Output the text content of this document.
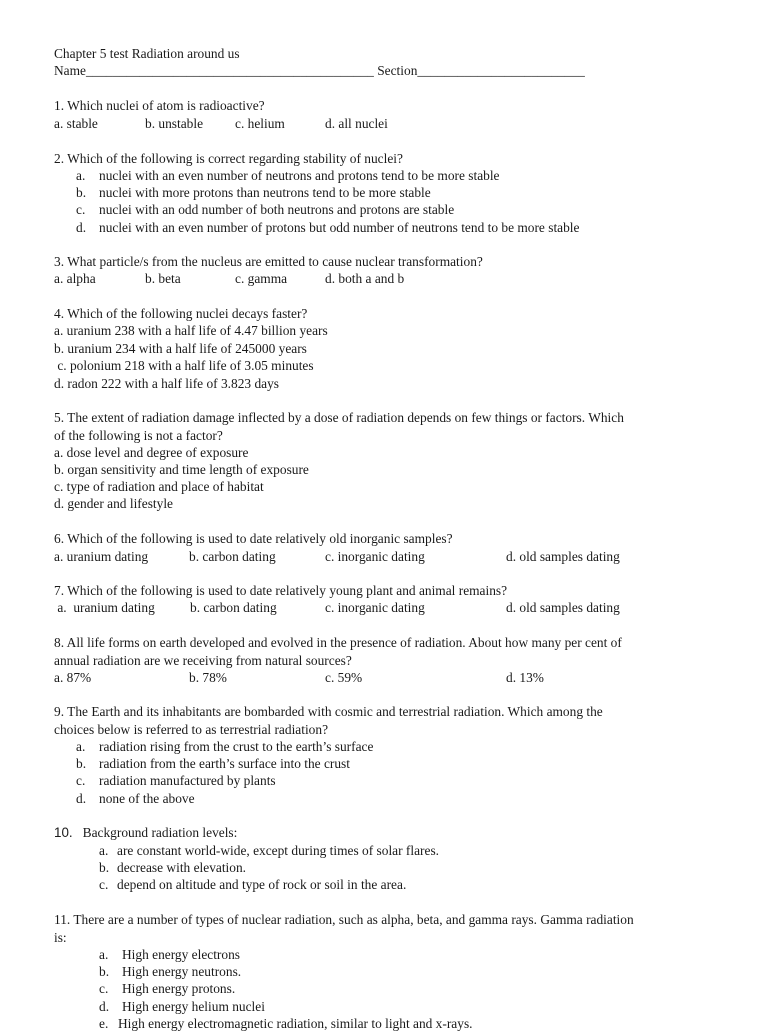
Chapter 5 test Radiation around us
Name___________________________________________ Section_________________________
1. Which nuclei of atom is radioactive?
a. stable	b. unstable c. helium	d. all nuclei
2. Which of the following is correct regarding stability of nuclei?
a. nuclei with an even number of neutrons and protons tend to be more stable
b. nuclei with more protons than neutrons tend to be more stable
c. nuclei with an odd number of both neutrons and protons are stable
d. nuclei with an even number of protons but odd number of neutrons tend to be more stable
3. What particle/s from the nucleus are emitted to cause nuclear transformation?
a. alpha	b. beta	c. gamma	d. both a and b
4. Which of the following nuclei decays faster?
a. uranium 238 with a half life of 4.47 billion years
b. uranium 234 with a half life of 245000 years
c. polonium 218 with a half life of 3.05 minutes
d. radon 222 with a half life of 3.823 days
5. The extent of radiation damage inflected by a dose of radiation depends on few things or factors. Which
of the following is not a factor?
a. dose level and degree of exposure
b. organ sensitivity and time length of exposure
c. type of radiation and place of habitat
d. gender and lifestyle
6. Which of the following is used to date relatively old inorganic samples?
a. uranium dating	b. carbon dating	c. inorganic dating	d. old samples dating
7. Which of the following is used to date relatively young plant and animal remains?
a.  uranium dating	b. carbon dating	c. inorganic dating	d. old samples dating
8. All life forms on earth developed and evolved in the presence of radiation. About how many per cent of
annual radiation are we receiving from natural sources?
a. 87%	b. 78%	c. 59%	d. 13%
9. The Earth and its inhabitants are bombarded with cosmic and terrestrial radiation. Which among the
choices below is referred to as terrestrial radiation?
a. radiation rising from the crust to the earth’s surface
b. radiation from the earth’s surface into the crust
c. radiation manufactured by plants
d. none of the above
10. Background radiation levels:
a. are constant world-wide, except during times of solar flares.
b. decrease with elevation.
c. depend on altitude and type of rock or soil in the area.
11. There are a number of types of nuclear radiation, such as alpha, beta, and gamma rays. Gamma radiation
is:
a. High energy electrons
b. High energy neutrons.
c. High energy protons.
d. High energy helium nuclei
e. High energy electromagnetic radiation, similar to light and x-rays.
